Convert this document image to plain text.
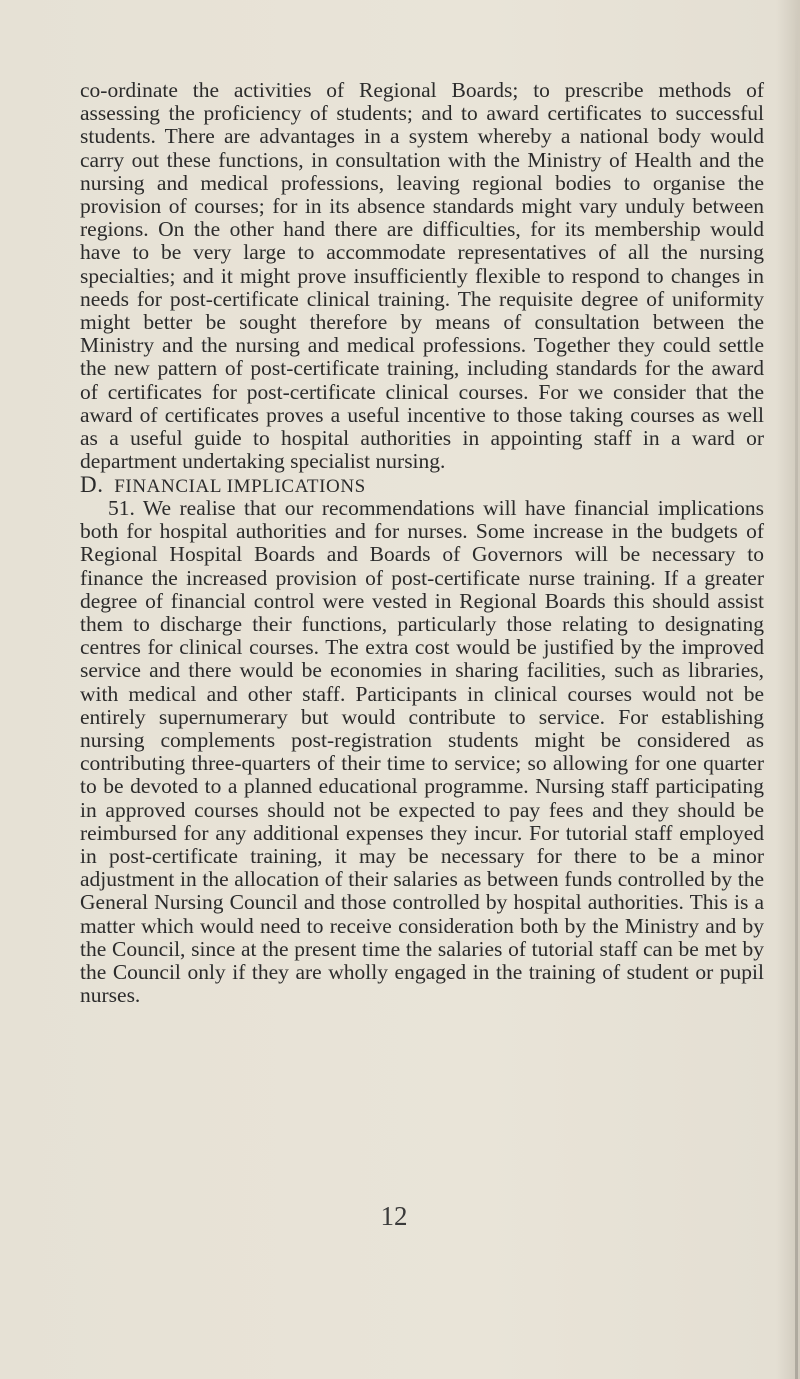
co-ordinate the activities of Regional Boards; to prescribe methods of assessing the proficiency of students; and to award certificates to successful students. There are advantages in a system whereby a national body would carry out these functions, in consultation with the Ministry of Health and the nursing and medical professions, leaving regional bodies to organise the provision of courses; for in its absence standards might vary unduly between regions. On the other hand there are difficulties, for its membership would have to be very large to accommodate representatives of all the nursing specialties; and it might prove insufficiently flexible to respond to changes in needs for post-certificate clinical training. The requisite degree of uniformity might better be sought therefore by means of consultation between the Ministry and the nursing and medical professions. Together they could settle the new pattern of post-certificate training, including standards for the award of certificates for post-certificate clinical courses. For we consider that the award of certificates proves a useful incentive to those taking courses as well as a useful guide to hospital authorities in appointing staff in a ward or department undertaking specialist nursing.

D. FINANCIAL IMPLICATIONS

51. We realise that our recommendations will have financial implications both for hospital authorities and for nurses. Some increase in the budgets of Regional Hospital Boards and Boards of Governors will be necessary to finance the increased provision of post-certificate nurse training. If a greater degree of financial control were vested in Regional Boards this should assist them to discharge their functions, particularly those relating to designating centres for clinical courses. The extra cost would be justified by the improved service and there would be economies in sharing facilities, such as libraries, with medical and other staff. Participants in clinical courses would not be entirely supernumerary but would contribute to service. For establishing nursing complements post-registration students might be considered as contributing three-quarters of their time to service; so allowing for one quarter to be devoted to a planned educational programme. Nursing staff participating in approved courses should not be expected to pay fees and they should be reimbursed for any additional expenses they incur. For tutorial staff employed in post-certificate training, it may be necessary for there to be a minor adjustment in the allocation of their salaries as between funds controlled by the General Nursing Council and those controlled by hospital authorities. This is a matter which would need to receive consideration both by the Ministry and by the Council, since at the present time the salaries of tutorial staff can be met by the Council only if they are wholly engaged in the training of student or pupil nurses.

12
